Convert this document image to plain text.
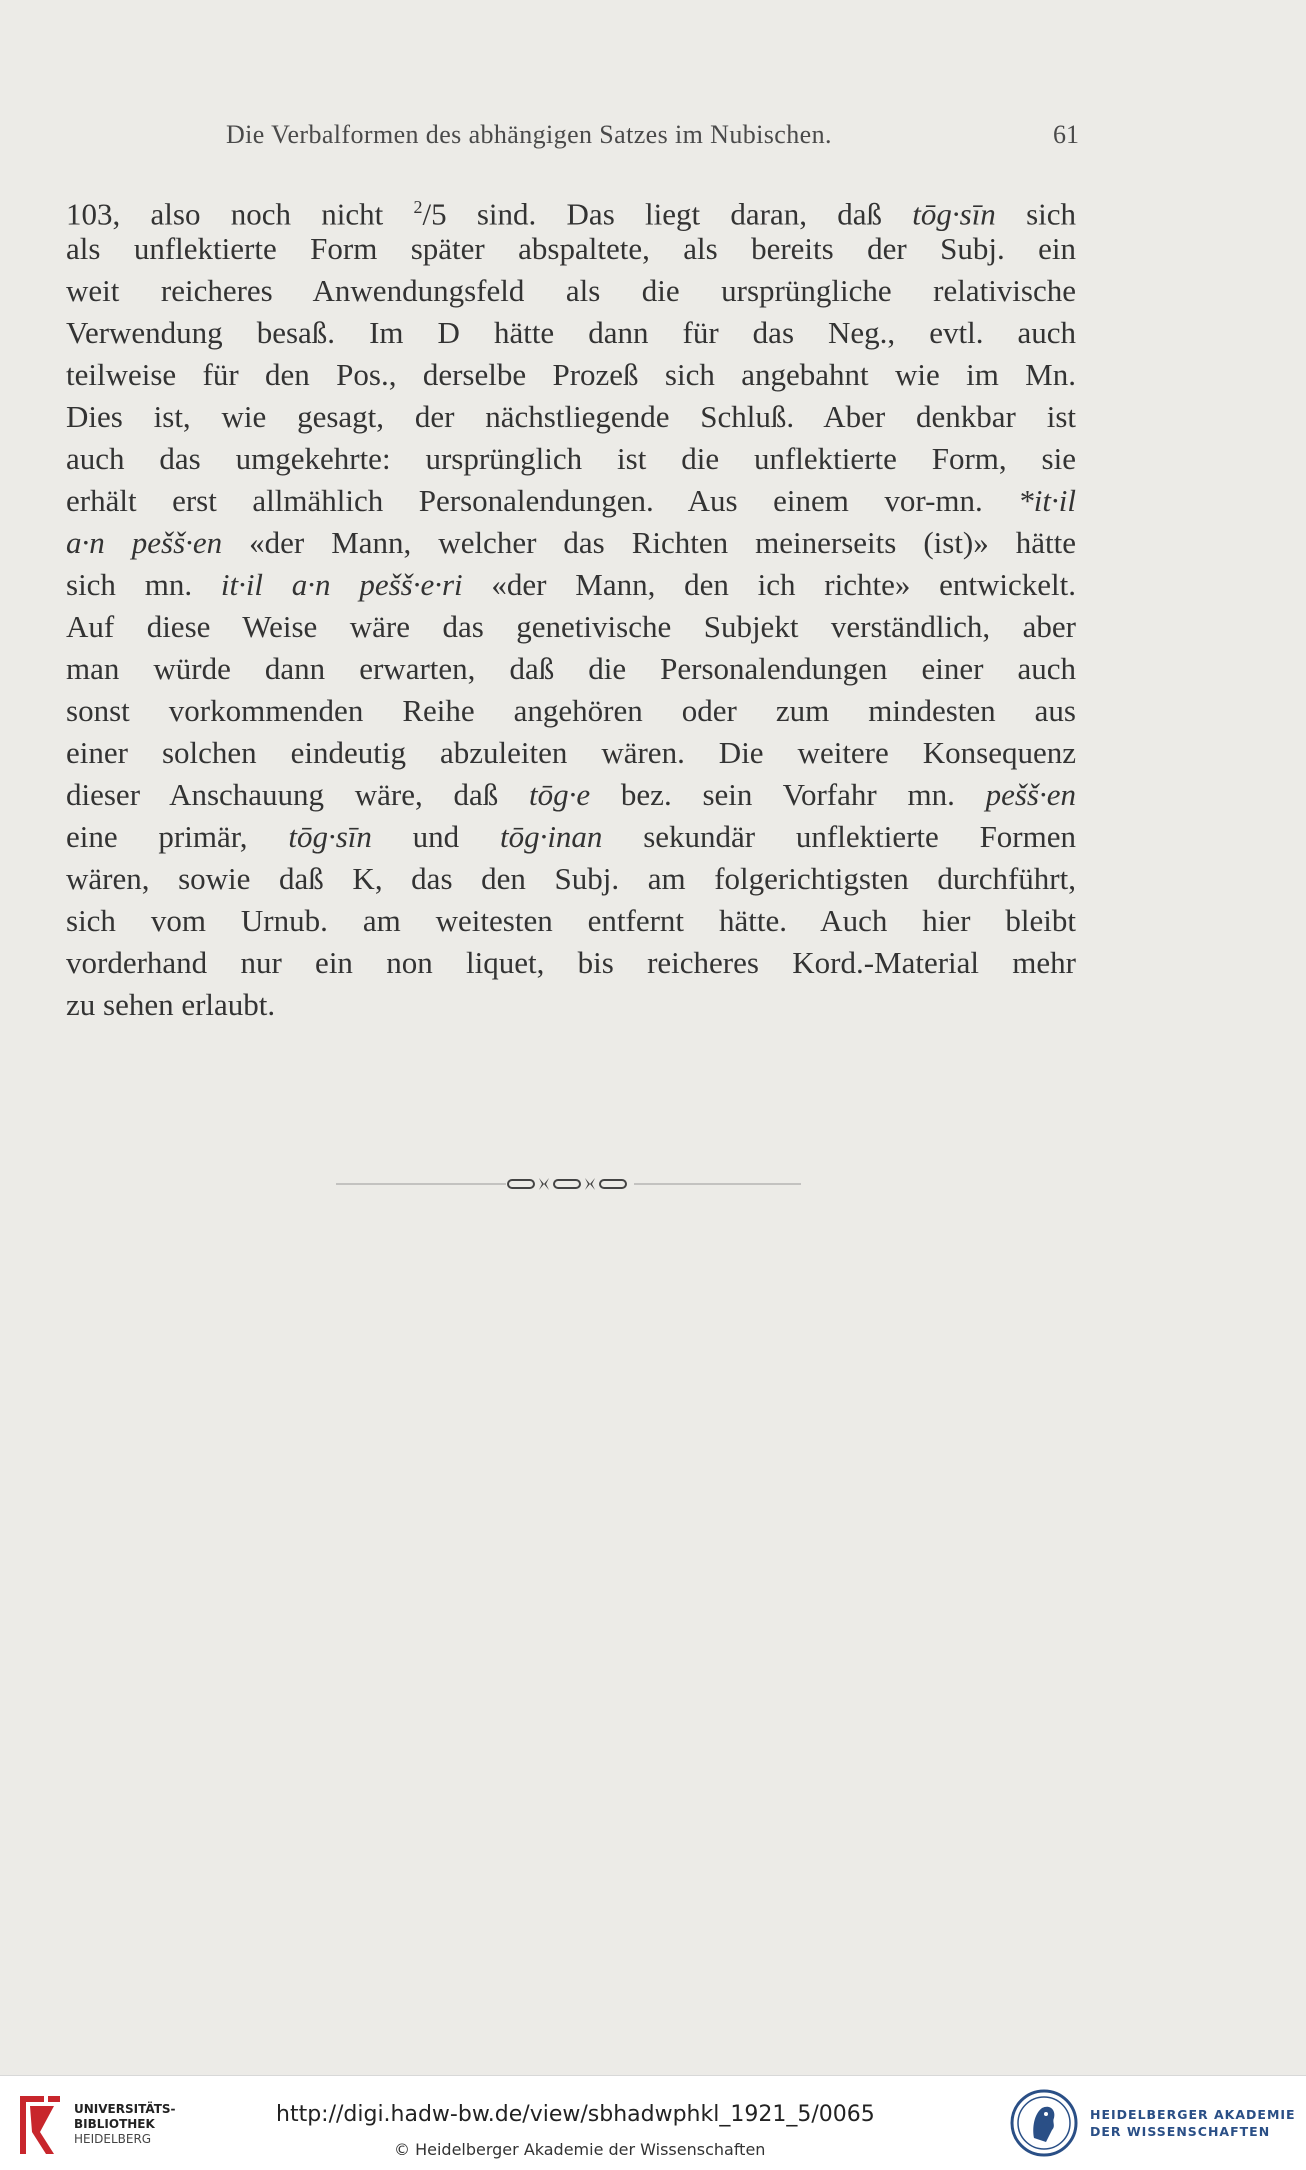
Die Verbalformen des abhängigen Satzes im Nubischen.	61
103, also noch nicht $^2$/5 sind. Das liegt daran, daß tōg·sīn sich
als unflektierte Form später abspaltete, als bereits der Subj. ein
weit reicheres Anwendungsfeld als die ursprüngliche relativische
Verwendung besaß. Im D hätte dann für das Neg., evtl. auch
teilweise für den Pos., derselbe Prozeß sich angebahnt wie im Mn.
Dies ist, wie gesagt, der nächstliegende Schluß. Aber denkbar ist
auch das umgekehrte: ursprünglich ist die unflektierte Form, sie
erhält erst allmählich Personalendungen. Aus einem vor-mn. *it·il
a·n pešš·en «der Mann, welcher das Richten meinerseits (ist)» hätte
sich mn. it·il a·n pešš·e·ri «der Mann, den ich richte» entwickelt.
Auf diese Weise wäre das genetivische Subjekt verständlich, aber
man würde dann erwarten, daß die Personalendungen einer auch
sonst vorkommenden Reihe angehören oder zum mindesten aus
einer solchen eindeutig abzuleiten wären. Die weitere Konsequenz
dieser Anschauung wäre, daß tōg·e bez. sein Vorfahr mn. pešš·en
eine primär, tōg·sīn und tōg·inan sekundär unflektierte Formen
wären, sowie daß K, das den Subj. am folgerichtigsten durchführt,
sich vom Urnub. am weitesten entfernt hätte. Auch hier bleibt
vorderhand nur ein non liquet, bis reicheres Kord.-Material mehr
zu sehen erlaubt.
UNIVERSITÄTS-
BIBLIOTHEK
HEIDELBERG
http://digi.hadw-bw.de/view/sbhadwphkl_1921_5/0065
© Heidelberger Akademie der Wissenschaften
HEIDELBERGER AKADEMIE
DER WISSENSCHAFTEN
